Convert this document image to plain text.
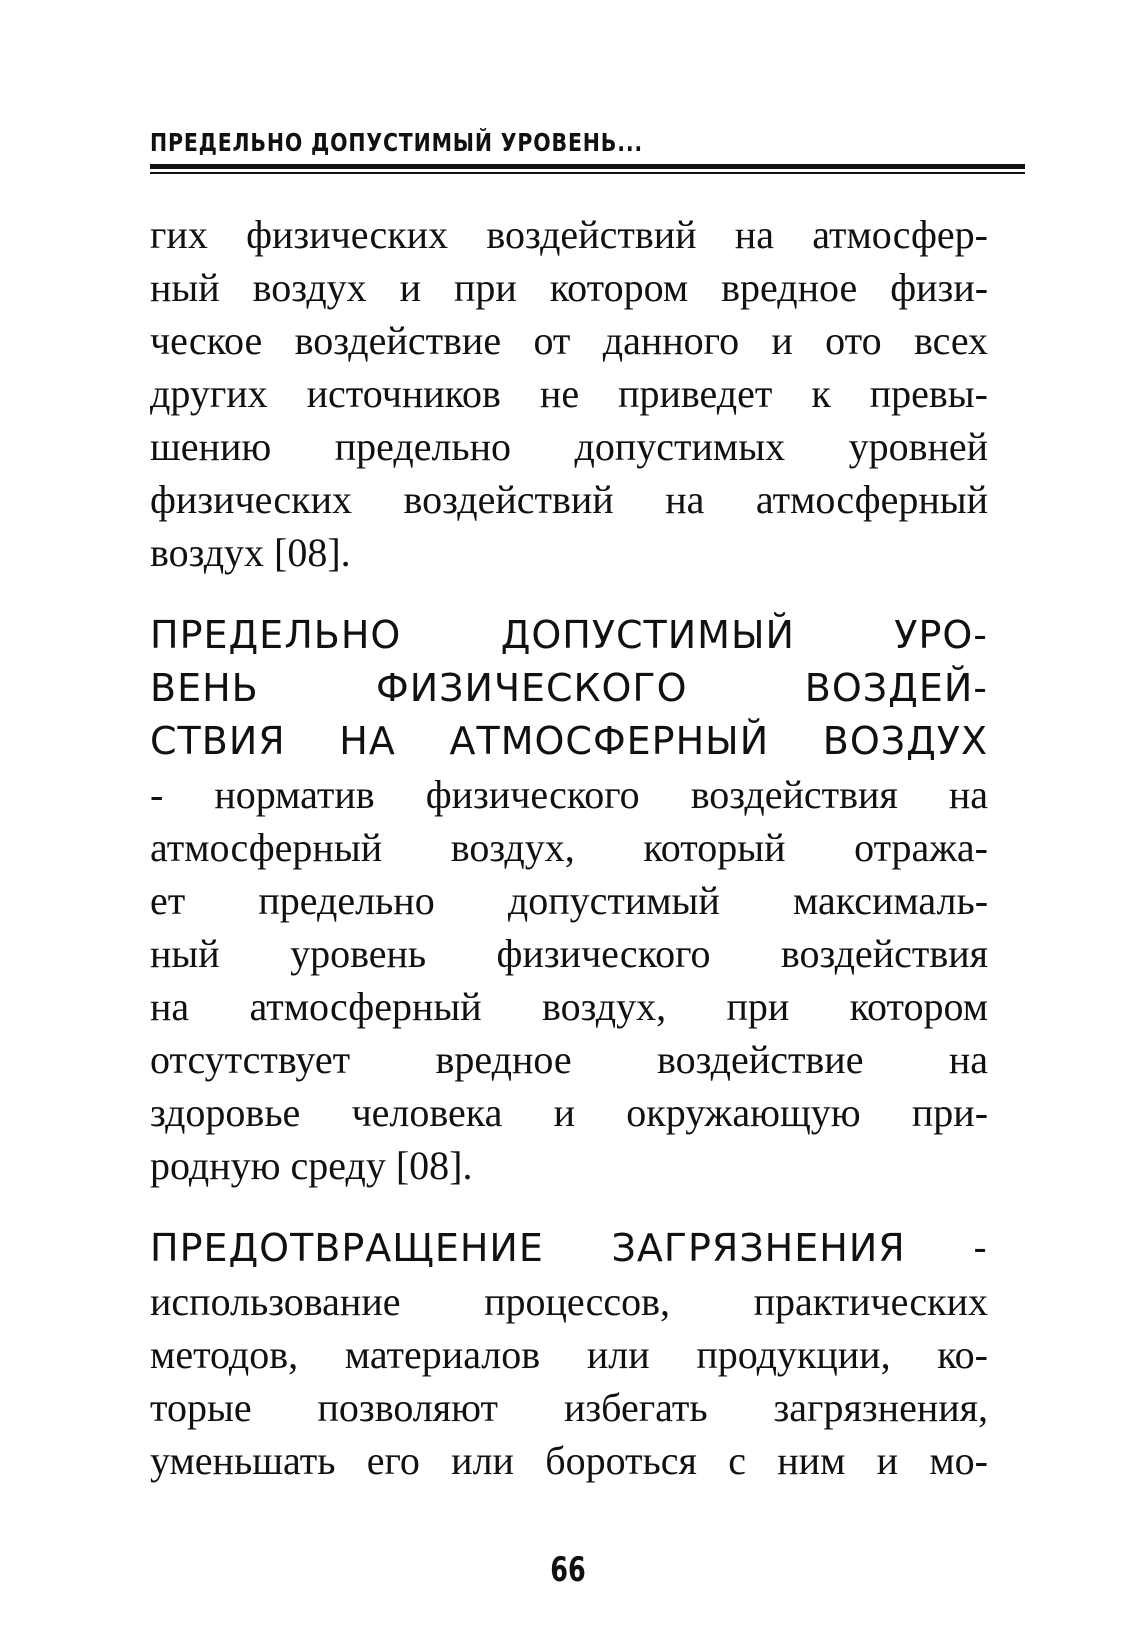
ПРЕДЕЛЬНО ДОПУСТИМЫЙ УРОВЕНЬ...
гих физических воздействий на атмосфер-
ный воздух и при котором вредное физи-
ческое воздействие от данного и ото всех
других источников не приведет к превы-
шению предельно допустимых уровней
физических воздействий на атмосферный
воздух [08].
ПРЕДЕЛЬНО	ДОПУСТИМЫЙ	УРО-
ВЕНЬ	ФИЗИЧЕСКОГО	ВОЗДЕЙ-
СТВИЯ НА АТМОСФЕРНЫЙ ВОЗДУХ
- норматив физического воздействия на
атмосферный воздух, который отража-
ет предельно допустимый максималь-
ный уровень физического воздействия
на атмосферный воздух, при котором
отсутствует вредное воздействие на
здоровье человека и окружающую при-
родную среду [08].
ПРЕДОТВРАЩЕНИЕ ЗАГРЯЗНЕНИЯ -
использование процессов, практических
методов, материалов или продукции, ко-
торые позволяют избегать загрязнения,
уменьшать его или бороться с ним и мо-
66
